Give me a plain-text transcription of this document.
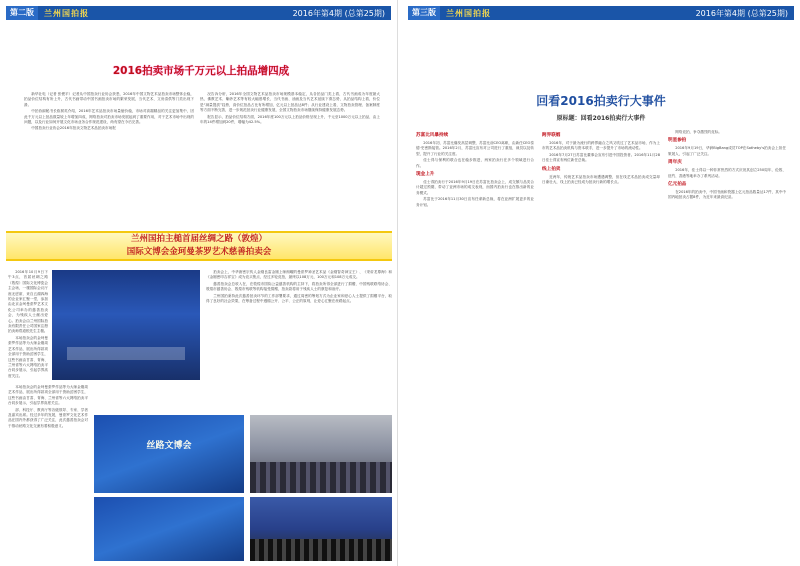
第二版	兰州国拍报	2016年第4期 (总第25期)
2016拍卖市场千万元以上拍品增四成

新华社电（记者 张俊平）记者从中国拍卖行业协会获悉，2016年中国文物艺术品拍卖市场整体企稳，拍品价位结构有所上升，古代书画带动中国书画拍卖市场的繁荣发展，当代艺术、文房清供等门类出现下滑。

中拍协副秘书长欧树英介绍，2016年艺术品拍卖市场量缩价稳，市场对高端精品的关注更加集中，因此千万元以上拍品数量较上年增加四成，网络拍卖对拍卖市场发展起到了重要作用，对于艺术市场中出现的问题，以及行业如何开展文化市场业务合作规范建设，尚有望在今后完善。

中国拍卖行业协会2016年拍卖文物艺术品拍卖市场报

况告诉分析，2016年全国文物艺术品拍卖市场规模基本稳定，从各拍品门类上看，古代书画成为年度最大热，佛教艺术、紫砂艺术等有较大幅度增长，当代书画、油画及当代艺术延续下滑态势，从拍品结构上看，价位是“减量提质”趋势，高价位拍品占比有所增加，亿元以上拍品达8件；从行业建设上看，文物拍卖管理、备案制度等方面不断完善，进一步规范拍卖行业健康发展，全国文物拍卖市场继续保持健康发展态势。

报告显示，拍品价位结构方面，2016年度100万元以上拍品价格呈现上升，千元至1000万元以上拍品，由上年的14件增加到20件，增幅为42.5%。

兰州国拍主槌首届丝绸之路（敦煌）
国际文博会金珂曼茶罗艺术慈善拍卖会

2016年10月9日下午3点，首届丝绸之路（敦煌）国际文化博览会主会场，一楼国际会议厅座无虚席，来自五湖四海的企业家汇聚一堂，参加由北京金珂曼荼罗艺术文化公司举办的慈善拍卖会，为残疾人士献出爱心。拍卖会由兰州国际拍卖有限责任公司国家注册拍卖师郑道根先生主槌。

本场拍卖会的金珂曼荼罗作品等为大师金刚周艺术作品，展出所得款项全部用于资助贫困学生，这些书画由甘肃、青海、兰州省等六大网络拍卖平台同步展示，引起学界高度关注。

拍卖会上，中华唐密宗传人金刚良雷金刚上师朗曜的曼荼罗神圣艺术品《金刚智奇神宝王》、《采帝龙尊海》和《金刚密印吉祥宝》成为竞买焦点，经过多轮竞拍，最终以108万元、100万元和108万元成交。

慈善拍卖会总收入在，在敦煌市国际公益慈善机构的主持下，将拍卖所得全部进行了捐赠，中国残联联络协会、敦煌市慈善协会、敦煌市残联等机构接受捐赠，拍卖款将用于残疾人士的康复和治疗。

兰州国拍秉持此次慈善拍卖环节的工作部署要求，通过周密的筹划方式为企业家和爱心人士提供了捐赠平台，取得了良好的社会效果，在筹备过程中遵循公开、公平、公正的原则，让爱心汇聚在丝路起点。

本场拍卖会的金珂曼荼罗作品等为大师金刚周艺术作品，展出所得款项全部用于资助贫困学生，这些书画由甘肃、青海、兰州省等六大网络拍卖平台同步展示，引起学界高度关注。

部、科技厅、教育厅等各级领导、专家、学者及嘉宾出席。经过多年的发展，曼荼罗文化艺术作品在国内外都获得了广泛关注，此次慈善拍卖会对于推动丝路文化交流有着积极意义。

丝路文博会
第三版	兰州国拍报	2016年第4期 (总第25期)
回看2016拍卖行大事件
原标题：回看2016拍卖行大事件
苏富比风暴持续

2016年初，苏富比爆发高层调整，苏富比前CEO离职，由新任CEO泰德·史密斯接管。2016年2月，苏富比宣布对公司进行了重组，裁员以及转型，提升了行业的关注度。

佳士得与保利的联合也在稳步推进，两家拍卖行在多个领域进行合作。

现金上升

佳士得拍卖行于2016年9月19日在苏富比拍卖会上，成交额与品类合计超过预期，带动了亚洲市场的成交表现，而国内拍卖行也在推出新的业务模式。

苏富比于2016年11月30日宣布任命新总裁，将在亚洲扩展更多的业务计划。

跨界联姻

2016年，对于最为流行的跨界融合之风又吹过了艺术品市场，作为上市的艺术品拍卖机构与资本联手，进一步提升了市场的流动性。

2016年7月27日苏富比董事会宣布引进中国投资者。2016年11月28日佳士得宣布两位新任总裁。

线上拍卖

近两年，传统艺术品拍卖市场遭遇调整，但在线艺术品拍卖成交量却日渐壮大，线上拍卖已经成为拍卖行新的增长点。

网络竞拍，争夺激烈的竞标。

明星参拍

2016年9月19日，华润BigBang成员TOP在Sotheby's拍卖会上担任策展人，引起了广泛关注。

周年庆

2016年，佳士得以一种非常热烈的方式庆祝其创立250周年，伦敦、纽约、香港等地举办了系列活动。

亿元拍品

在2016年的拍卖中，中国书画和瓷器上亿元拍品数量达17件，其中中国内地拍卖占据8件，为近年来最高纪录。
